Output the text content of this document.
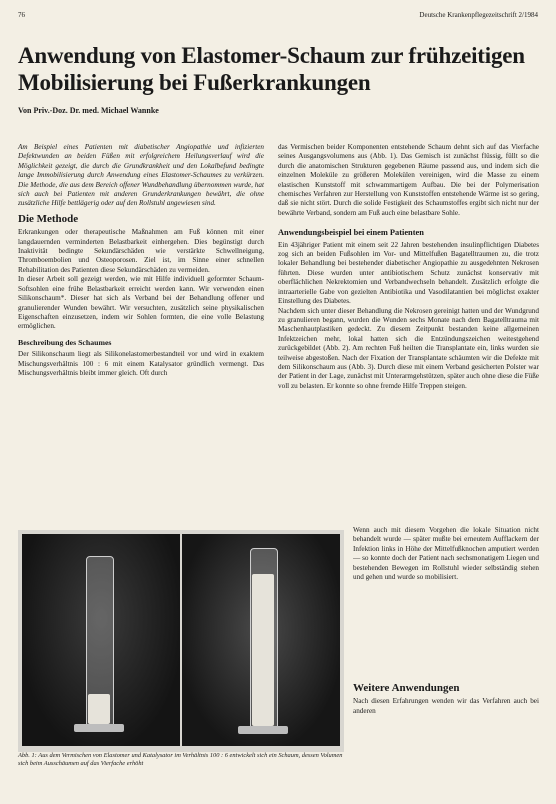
76	Deutsche Krankenpflegezeitschrift 2/1984
Anwendung von Elastomer-Schaum zur frühzeitigen Mobilisierung bei Fußerkrankungen
Von Priv.-Doz. Dr. med. Michael Wannke

Am Beispiel eines Patienten mit diabetischer Angiopathie und infizierten Defektwunden an beiden Füßen mit erfolgreichem Heilungsverlauf wird die Möglichkeit gezeigt, die durch die Grundkrankheit und den Lokalbefund bedingte lange Immobilisierung durch Anwendung eines Elastomer-Schaumes zu verkürzen. Die Methode, die aus dem Bereich offener Wundbehandlung übernommen wurde, hat sich auch bei Patienten mit anderen Grunderkrankungen bewährt, die ohne zusätzliche Hilfe bettlägerig oder auf den Rollstuhl angewiesen sind.

Die Methode

Erkrankungen oder therapeutische Maßnahmen am Fuß können mit einer langdauernden verminderten Belastbarkeit einhergehen. Dies begünstigt durch Inaktivität bedingte Sekundärschäden wie verstärkte Schwellneigung, Thromboembolien und Osteoporosen. Ziel ist, im Sinne einer schnellen Rehabilitation des Patienten diese Sekundärschäden zu vermeiden.

In dieser Arbeit soll gezeigt werden, wie mit Hilfe individuell geformter Schaum-Softsohlen eine frühe Belastbarkeit erreicht werden kann. Wir verwenden einen Silikonschaum*. Dieser hat sich als Verband bei der Behandlung offener und granulierender Wunden bewährt. Wir versuchten, zusätzlich seine physikalischen Eigenschaften einzusetzen, indem wir Sohlen formten, die eine volle Belastung ermöglichen.

Beschreibung des Schaumes

Der Silikonschaum liegt als Silikonelastomerbestandteil vor und wird in exaktem Mischungsverhältnis 100 : 6 mit einem Katalysator gründlich vermengt. Das Mischungsverhältnis bleibt immer gleich. Oft durch

das Vermischen beider Komponenten entstehende Schaum dehnt sich auf das Vierfache seines Ausgangsvolumens aus (Abb. 1). Das Gemisch ist zunächst flüssig, füllt so die durch die anatomischen Strukturen gegebenen Räume passend aus, und indem sich die einzelnen Moleküle zu größeren Molekülen vereinigen, wird die Masse zu einem elastischen Kunststoff mit schwammartigem Aufbau. Die bei der Polymerisation chemisches Verfahren zur Herstellung von Kunststoffen entstehende Wärme ist so gering, daß sie nicht stört. Durch die solide Festigkeit des Schaumstoffes ergibt sich nicht nur der bewährte Verband, sondern am Fuß auch eine belastbare Sohle.

Anwendungsbeispiel bei einem Patienten

Ein 43jähriger Patient mit einem seit 22 Jahren bestehenden insulinpflichtigen Diabetes zog sich an beiden Fußsohlen im Vor- und Mittelfußen Bagatelltraumen zu, die trotz lokaler Behandlung bei bestehender diabetischer Angiopathie zu ausgedehnten Nekrosen führten. Diese wurden unter antibiotischem Schutz zunächst konservativ mit oberflächlichen Nekrektomien und Verbandwechseln behandelt. Zusätzlich erfolgte die intraarterielle Gabe von gezielten Antibiotika und Vasodilatantien bei möglichst exakter Einstellung des Diabetes.

Nachdem sich unter dieser Behandlung die Nekrosen gereinigt hatten und der Wundgrund zu granulieren begann, wurden die Wunden sechs Monate nach dem Bagatelltrauma mit Maschenhautplastiken gedeckt. Zu diesem Zeitpunkt bestanden keine allgemeinen Infektzeichen mehr, lokal hatten sich die Entzündungszeichen weitestgehend zurückgebildet (Abb. 2). Am rechten Fuß heilten die Transplantate ein, links wurden sie teilweise abgestoßen. Nach der Fixation der Transplantate schäumten wir die Defekte mit dem Silikonschaum aus (Abb. 3). Durch diese mit einem Verband gesicherten Polster war der Patient in der Lage, zunächst mit Unterarmgehstützen, später auch ohne diese die Füße voll zu belasten. Er konnte so ohne fremde Hilfe Treppen steigen.

Abb. 1: Aus dem Vermischen von Elastomer und Katalysator im Verhältnis 100 : 6 entwickelt sich ein Schaum, dessen Volumen sich beim Ausschäumen auf das Vierfache erhöht

Wenn auch mit diesem Vorgehen die lokale Situation nicht behandelt wurde — später mußte bei erneutem Aufflackern der Infektion links in Höhe der Mittelfußknochen amputiert werden — so konnte doch der Patient nach sechsmonatigem Liegen und bestehenden Bewegen im Rollstuhl wieder selbständig stehen und gehen und wurde so mobilisiert.

Weitere Anwendungen

Nach diesen Erfahrungen wenden wir das Verfahren auch bei anderen
